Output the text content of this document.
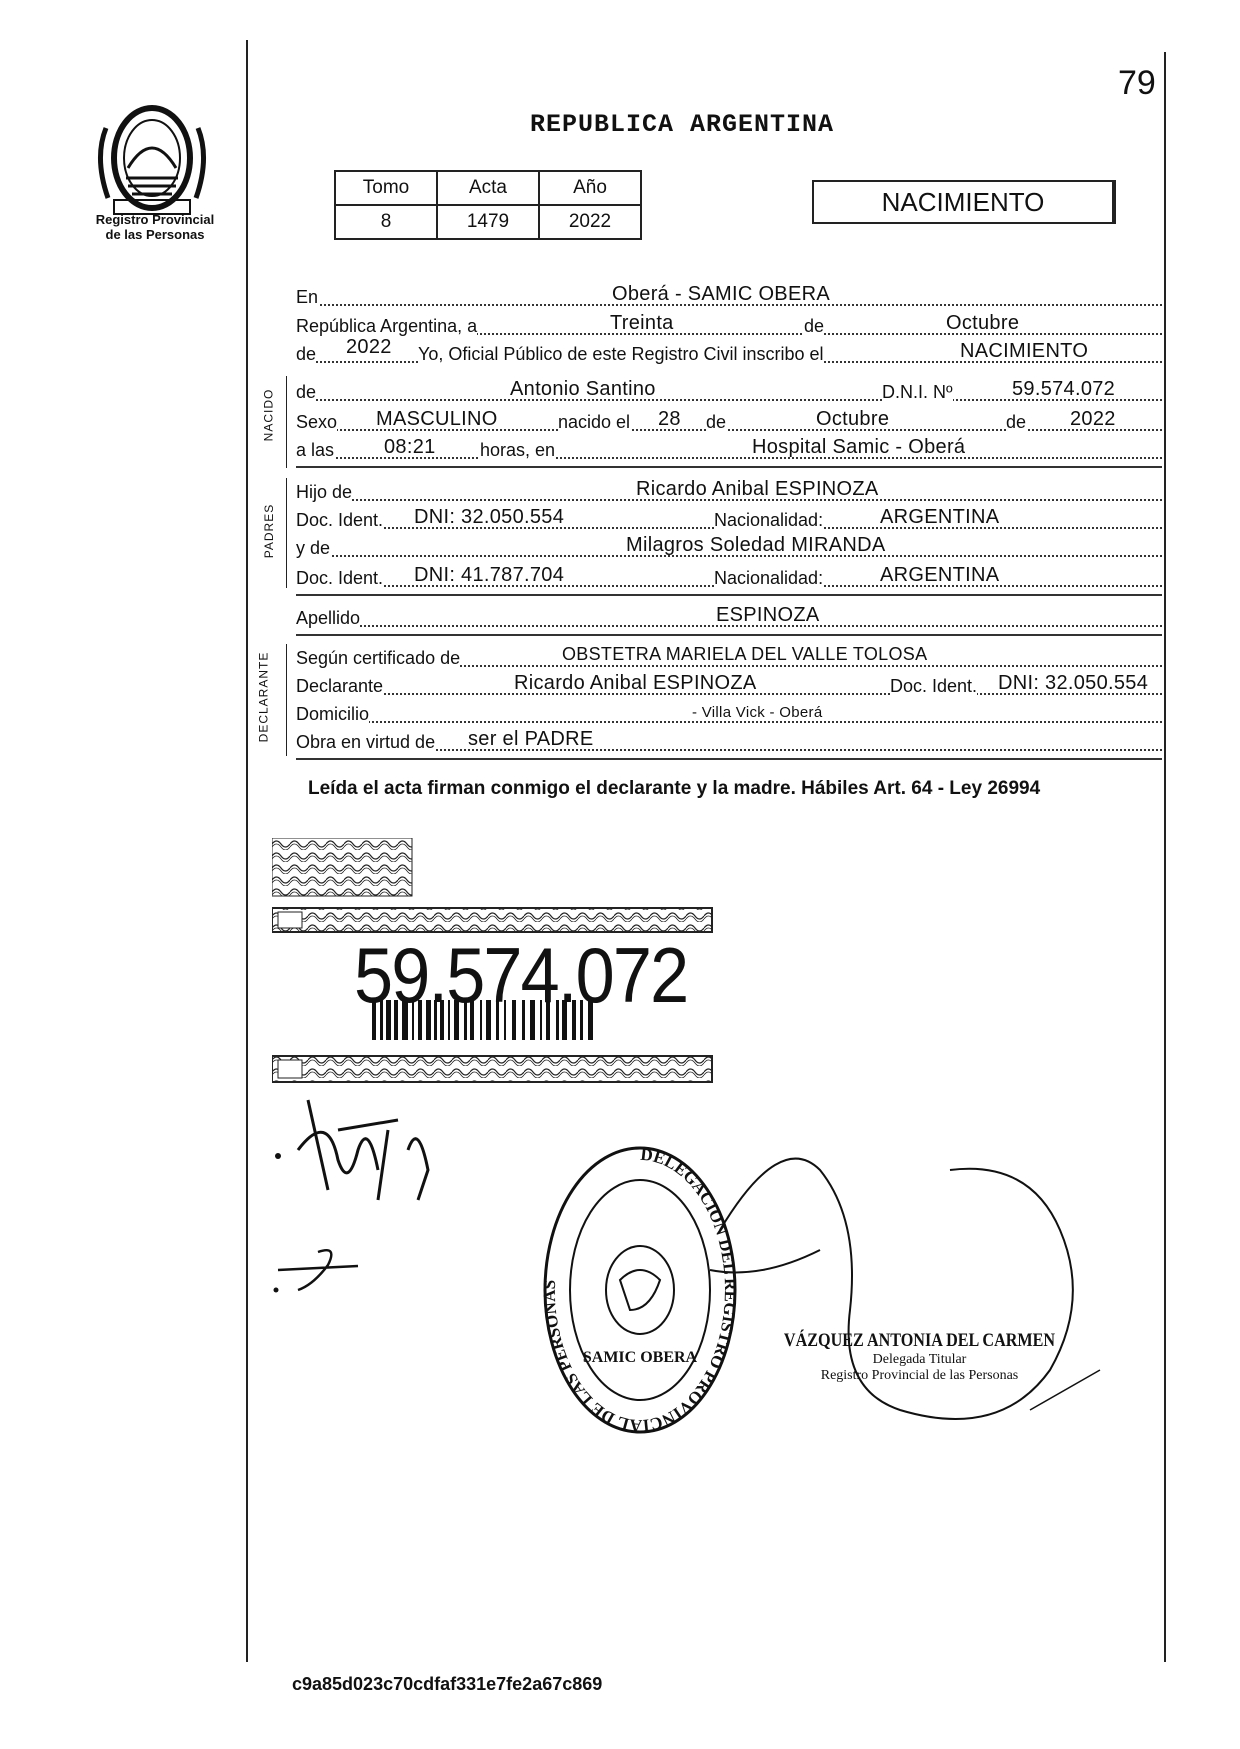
Registro Provincial
de las Personas
79
REPUBLICA ARGENTINA
Tomo	Acta	Año
8	1479	2022
NACIMIENTO
En	Oberá - SAMIC OBERA
República Argentina, a	Treinta	de	Octubre
de 2022 Yo, Oficial Público de este Registro Civil inscribo el	NACIMIENTO
NACIDO de	Antonio Santino	D.N.I. Nº	59.574.072
Sexo MASCULINO	nacido el 28 de	Octubre	de 2022
a las 08:21 horas, en	Hospital Samic - Oberá
PADRES
Hijo de	Ricardo Anibal ESPINOZA
Doc. Ident. DNI: 32.050.554	Nacionalidad:	ARGENTINA
y de	Milagros Soledad MIRANDA
Doc. Ident. DNI: 41.787.704	Nacionalidad:	ARGENTINA
Apellido	ESPINOZA
DECLARANTE Según certificado de	OBSTETRA MARIELA DEL VALLE TOLOSA
Declarante	Ricardo Anibal ESPINOZA	Doc. Ident. DNI: 32.050.554
Domicilio	- Villa Vick - Oberá
Obra en virtud de ser el PADRE
Leída el acta firman conmigo el declarante y la madre. Hábiles Art. 64 - Ley 26994
59.574.072
DELEGACION DEL REGISTRO PROVINCIAL DE LAS PERSONAS
SAMIC OBERA
VÁZQUEZ ANTONIA DEL CARMEN
Delegada Titular
Registro Provincial de las Personas
c9a85d023c70cdfaf331e7fe2a67c869
